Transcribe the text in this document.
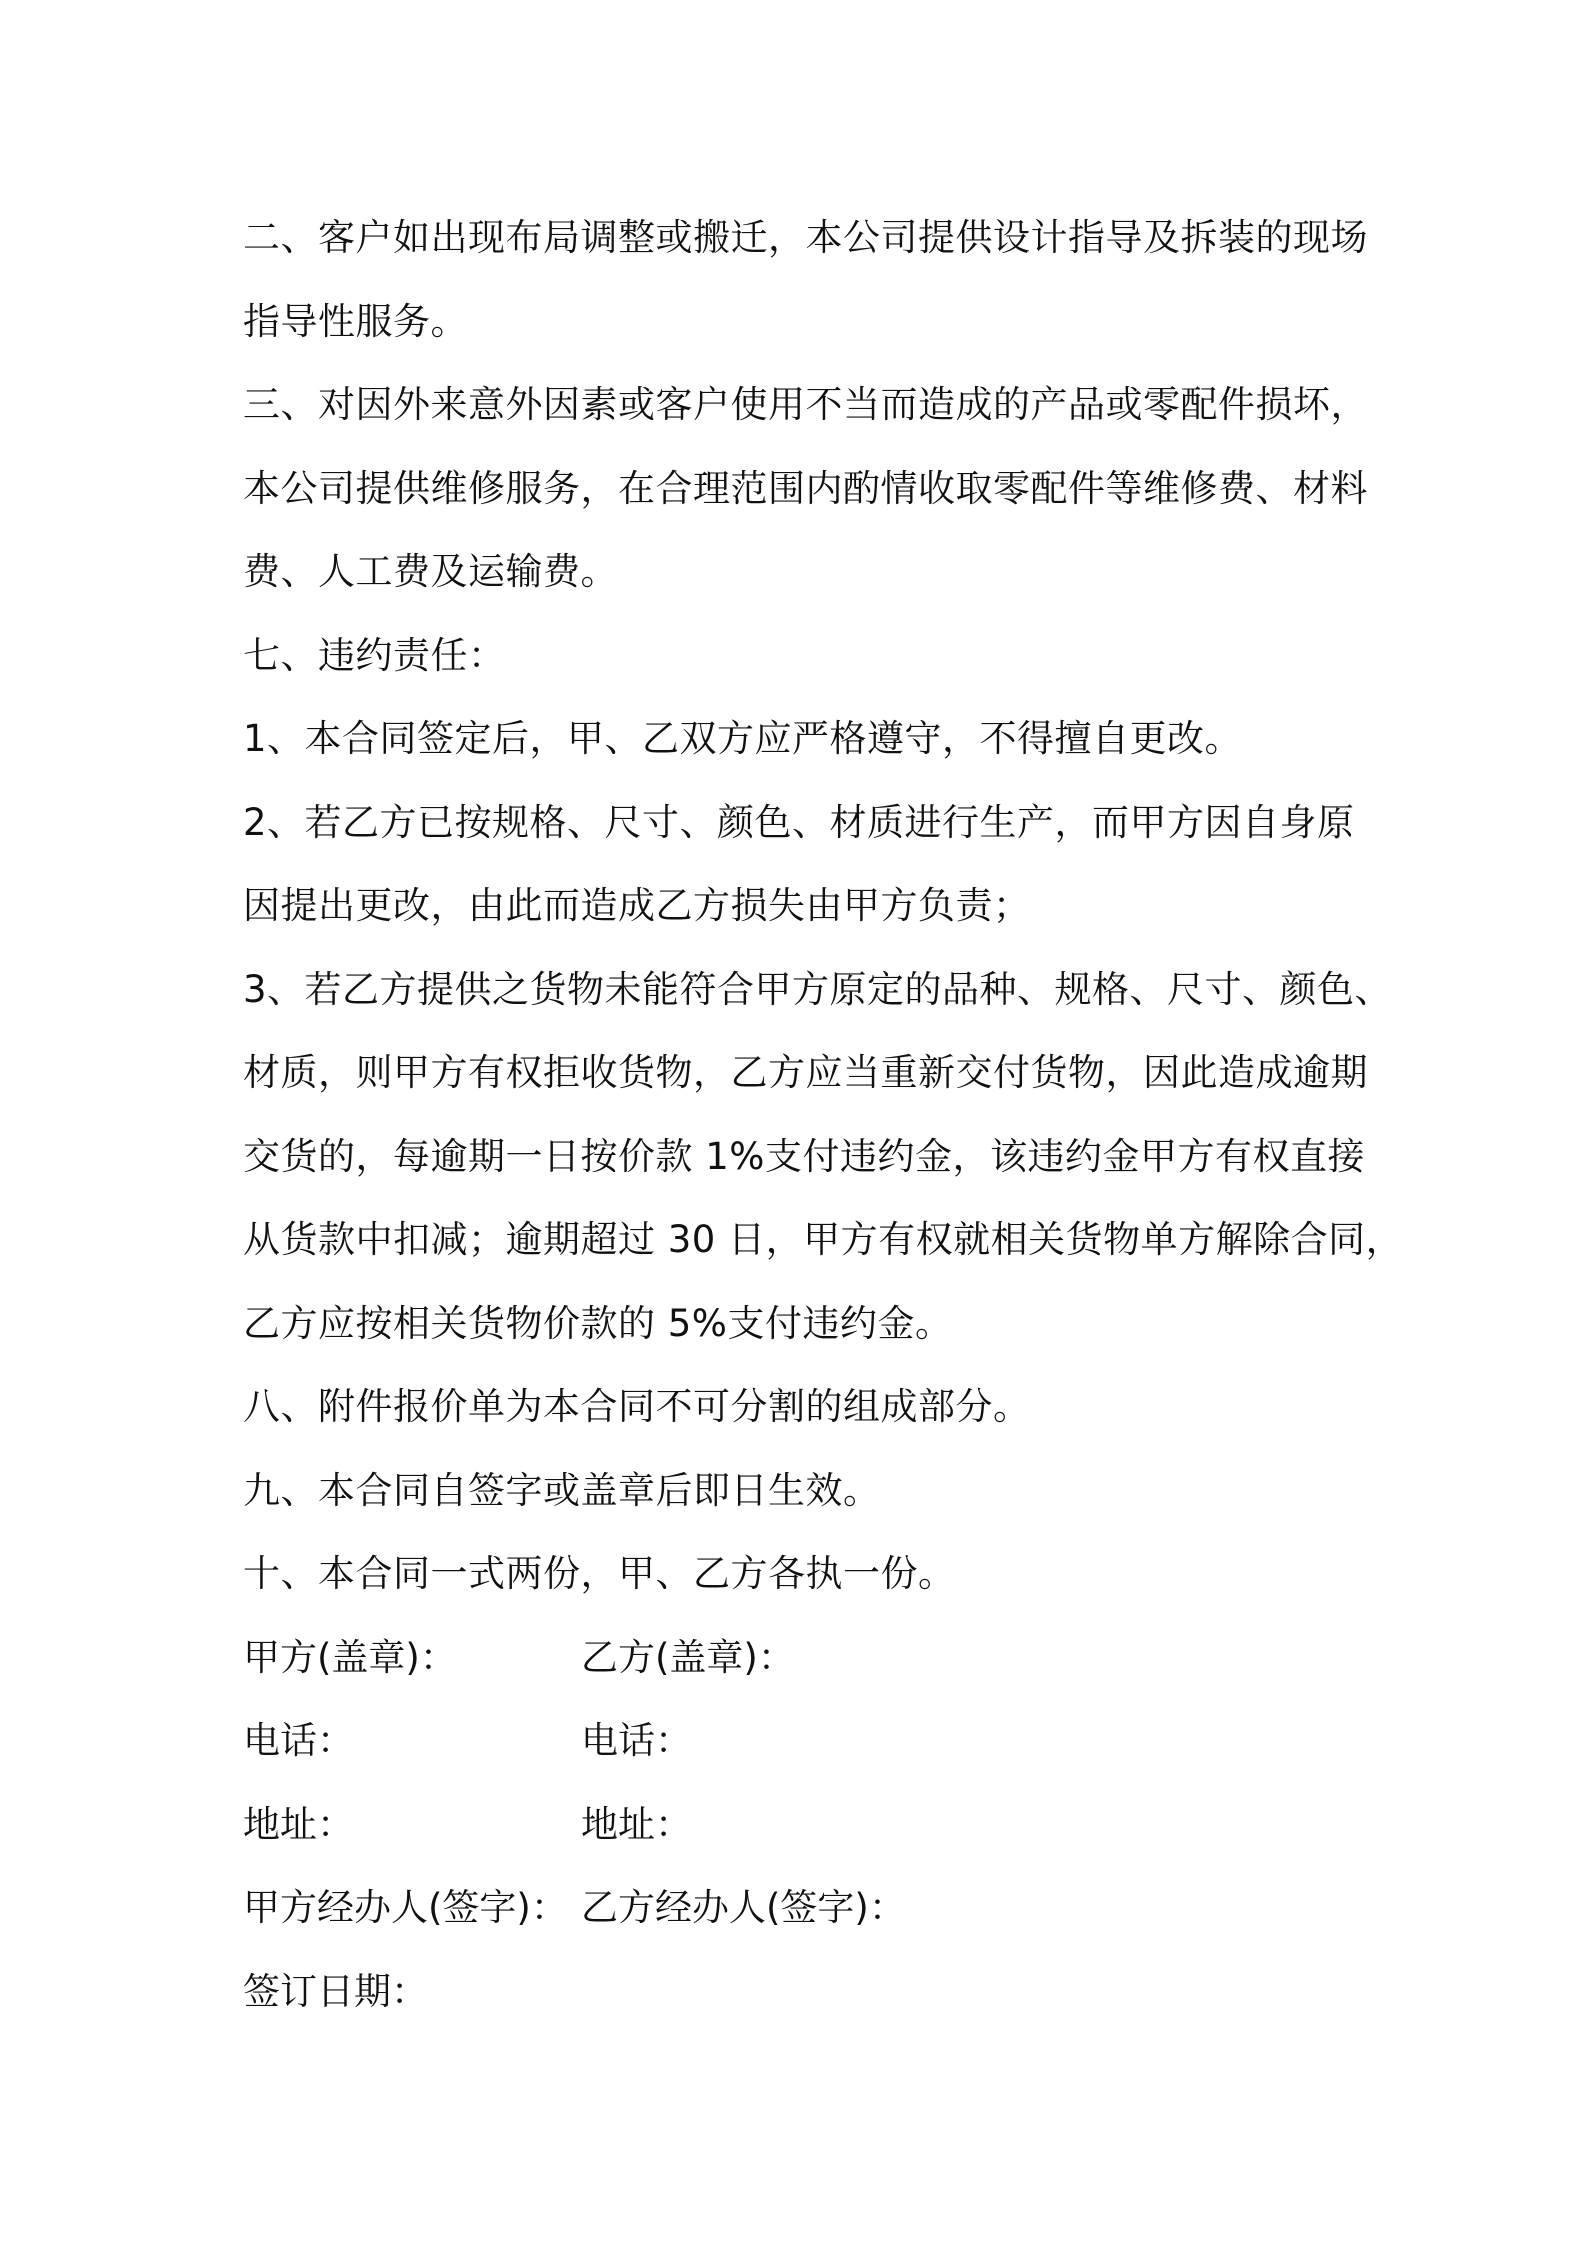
二、客户如出现布局调整或搬迁，本公司提供设计指导及拆装的现场
指导性服务。
三、对因外来意外因素或客户使用不当而造成的产品或零配件损坏，
本公司提供维修服务，在合理范围内酌情收取零配件等维修费、材料
费、人工费及运输费。
七、违约责任：
1、本合同签定后，甲、乙双方应严格遵守，不得擅自更改。
2、若乙方已按规格、尺寸、颜色、材质进行生产，而甲方因自身原
因提出更改，由此而造成乙方损失由甲方负责；
3、若乙方提供之货物未能符合甲方原定的品种、规格、尺寸、颜色、
材质，则甲方有权拒收货物，乙方应当重新交付货物，因此造成逾期
交货的，每逾期一日按价款 1%支付违约金，该违约金甲方有权直接
从货款中扣减；逾期超过 30 日，甲方有权就相关货物单方解除合同，
乙方应按相关货物价款的 5%支付违约金。
八、附件报价单为本合同不可分割的组成部分。
九、本合同自签字或盖章后即日生效。
十、本合同一式两份，甲、乙方各执一份。
甲方(盖章)：	乙方(盖章)：
电话：	电话：
地址：	地址：
甲方经办人(签字)： 乙方经办人(签字)：
签订日期：
